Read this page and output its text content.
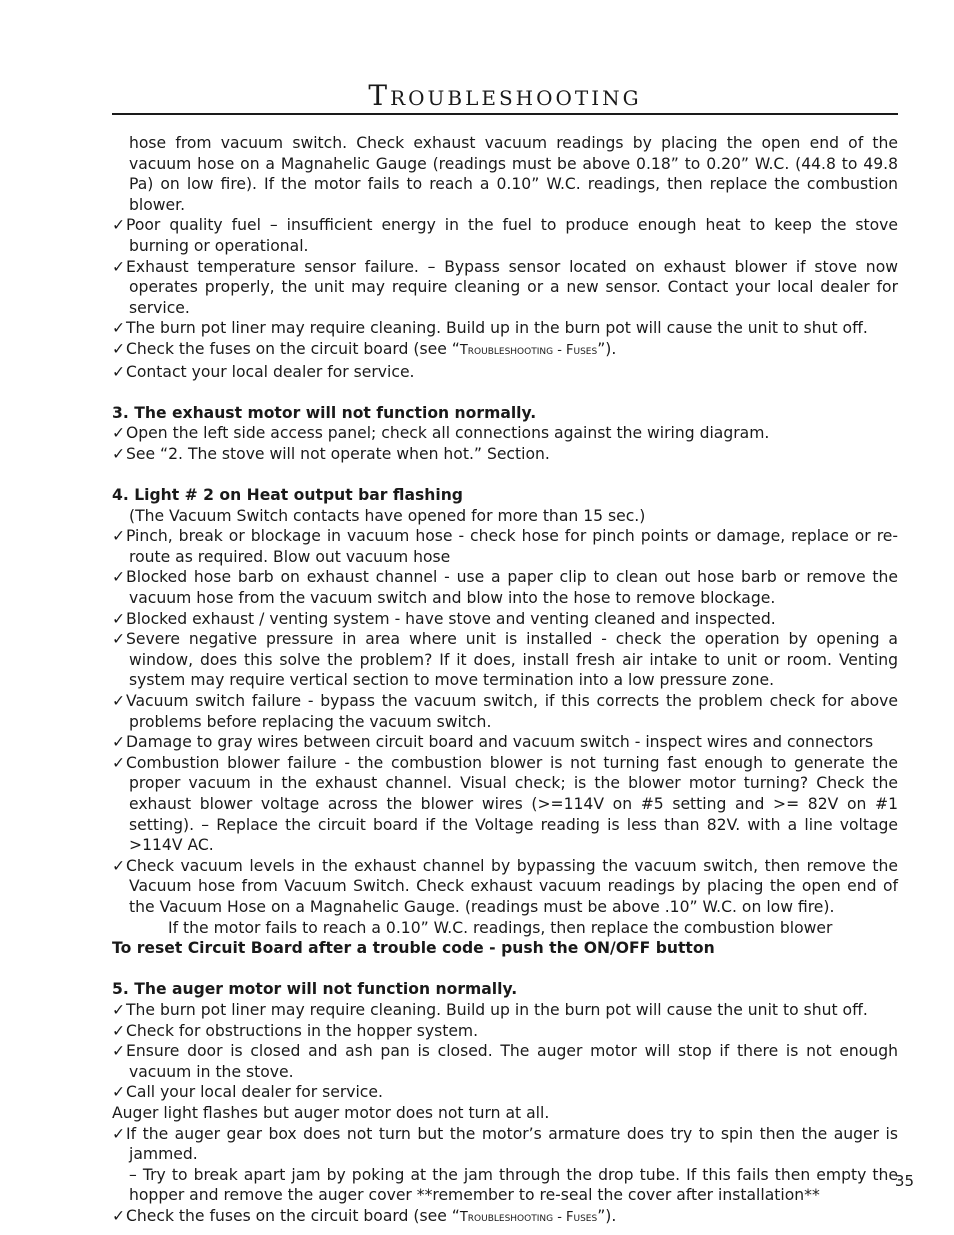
Troubleshooting

hose from vacuum switch. Check exhaust vacuum readings by placing the open end of the vacuum hose on a Magnahelic Gauge (readings must be above 0.18” to 0.20” W.C. (44.8 to 49.8 Pa) on low fire). If the motor fails to reach a 0.10” W.C. readings, then replace the combustion blower.

✓Poor quality fuel – insufficient energy in the fuel to produce enough heat to keep the stove burning or operational.

✓Exhaust temperature sensor failure. – Bypass sensor located on exhaust blower if stove now operates properly, the unit may require cleaning or a new sensor. Contact your local dealer for service.

✓The burn pot liner may require cleaning. Build up in the burn pot will cause the unit to shut off.

✓Check the fuses on the circuit board (see “Troubleshooting - Fuses”).

✓Contact your local dealer for service.

3. The exhaust motor will not function normally.

✓Open the left side access panel; check all connections against the wiring diagram.

✓See “2. The stove will not operate when hot.” Section.

4. Light # 2 on Heat output bar flashing

(The Vacuum Switch contacts have opened for more than 15 sec.)

✓Pinch, break or blockage in vacuum hose - check hose for pinch points or damage, replace or re-route as required. Blow out vacuum hose

✓Blocked hose barb on exhaust channel - use a paper clip to clean out hose barb or remove the vacuum hose from the vacuum switch and blow into the hose to remove blockage.

✓Blocked exhaust / venting system - have stove and venting cleaned and inspected.

✓Severe negative pressure in area where unit is installed - check the operation by opening a window, does this solve the problem? If it does, install fresh air intake to unit or room. Venting system may require vertical section to move termination into a low pressure zone.

✓Vacuum switch failure - bypass the vacuum switch, if this corrects the problem check for above problems before replacing the vacuum switch.

✓Damage to gray wires between circuit board and vacuum switch - inspect wires and connectors

✓Combustion blower failure - the combustion blower is not turning fast enough to generate the proper vacuum in the exhaust channel. Visual check; is the blower motor turning? Check the exhaust blower voltage across the blower wires (>=114V on #5 setting and >= 82V on #1 setting). – Replace the circuit board if the Voltage reading is less than 82V. with a line voltage >114V AC.

✓Check vacuum levels in the exhaust channel by bypassing the vacuum switch, then remove the Vacuum hose from Vacuum Switch. Check exhaust vacuum readings by placing the open end of the Vacuum Hose on a Magnahelic Gauge. (readings must be above .10” W.C. on low fire).

If the motor fails to reach a 0.10” W.C. readings, then replace the combustion blower

To reset Circuit Board after a trouble code - push the ON/OFF button

5. The auger motor will not function normally.

✓The burn pot liner may require cleaning. Build up in the burn pot will cause the unit to shut off.

✓Check for obstructions in the hopper system.

✓Ensure door is closed and ash pan is closed. The auger motor will stop if there is not enough vacuum in the stove.

✓Call your local dealer for service.

Auger light flashes but auger motor does not turn at all.

✓If the auger gear box does not turn but the motor’s armature does try to spin then the auger is jammed.

– Try to break apart jam by poking at the jam through the drop tube. If this fails then empty the hopper and remove the auger cover **remember to re-seal the cover after installation**

✓Check the fuses on the circuit board (see “Troubleshooting - Fuses”).

35
